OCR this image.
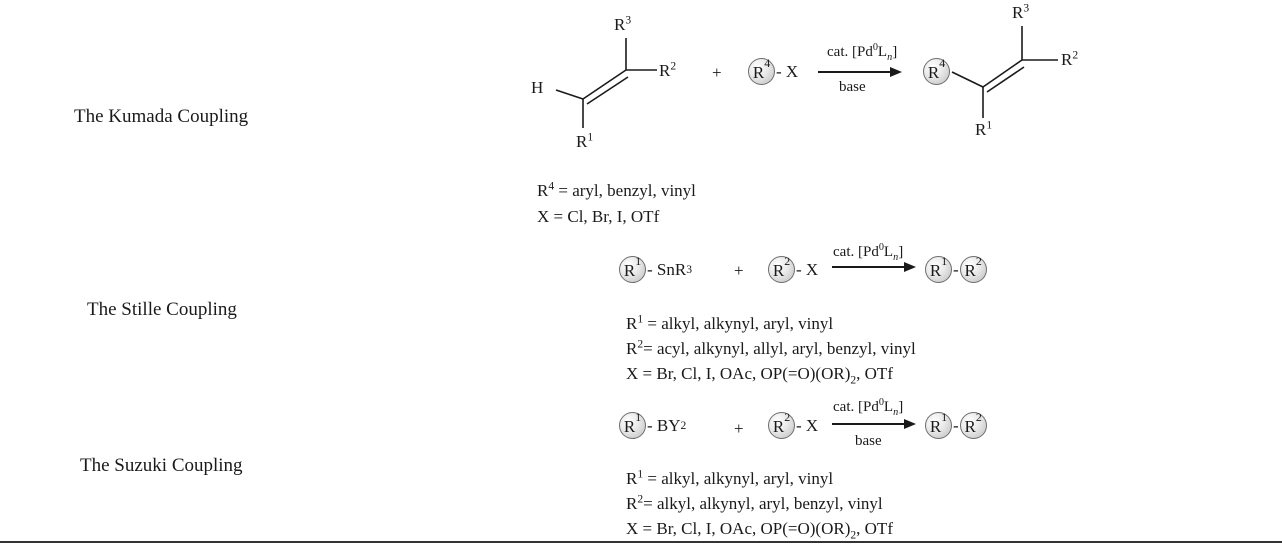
The Kumada Coupling
H
$R^3$
$R^2$
$R^1$
+ $R^4$ -
X
cat. $[Pd^0L_n]$
base
$R^4$
$R^3$
$R^2$
$R^1$
$R^4$ = aryl, benzyl, vinyl
X = Cl, Br, I, OTf
The Stille Coupling
$R^1$ - SnR $3 + R^2 - X$
cat. $[Pd^0L_n]$
$R^1 - R^2$
$R^1$ = alkyl, alkynyl, aryl, vinyl
$R^2=$ acyl, alkynyl, allyl, aryl, benzyl, vinyl
X = Br, Cl, I, OAc, $OP(=O)(OR)_2$, OTf
The Suzuki Coupling
$R^1$ - BY 2	+ $R^2$ - X
cat. $[Pd^0L_n]$
base
$R^1 - R^2$
$R^1$ = alkyl, alkynyl, aryl, vinyl
$R^2=$ alkyl, alkynyl, aryl, benzyl, vinyl
X = Br, Cl, I, OAc, $OP(=O)(OR)_2$, OTf
